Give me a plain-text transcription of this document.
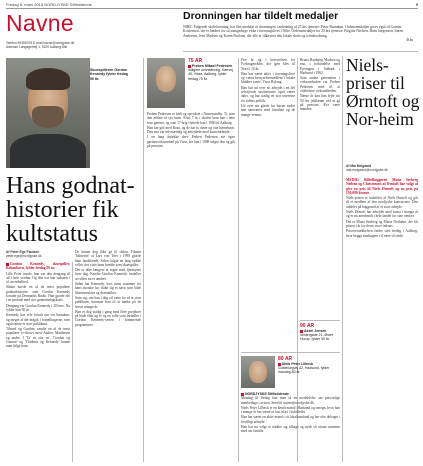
Fredag 6. mars 2018 NORDJYSKE Stiftstidende	9
Navne
Telefon 99355375 E-mail navne@nordjyske.dk
Adresse Langagervej 1, 9220 Aalborg Øst
Dronningen har tildelt medaljer

NIBE: Følgende skoleforening: har fået medalje af dronningen i anledning af 25 års tjeneste: Peter Brøndum. Ordensmedaljen gives også til Gunnar Kristensen, der er hædret for sit mangeårige virke i foreningslivet i Nibe. Ordensmedaljer for 25 års tjeneste: Birgitte Nielsen, Hans Jørgensen, Søren Andersen, Jens Madsen og Karen Poulsen, der alle er tilknyttet den lokale skole og fritidsordning.

/Kbs

Skuespilleren Gordon Kennedy fylder fredag 50 år.
Hans godnat-historier fik kultstatus
Af Peter Ege Paulsen
peter.ege@nordjyske.dk

Gordon Kennedy, skuespiller, København, fylder fredag 50 år.

Lille Peter inside, han var den dengang til alt i hele verden. Og den var han tudsøen i al sin enkelhed.

Sådan havde en af de mest populære godnathistorier, som Gordon Kennedy fortalte på Denmarks Radio. Han gjorde det i en periode med stor gennemslagskraft.

Dengang var Gordon Kennedy i 20'erne. Nu fylder han 50 år.

Kennedy har selv fortalt om sin barndom, og meget af det indgik i fortællingerne, som også ramte et stort publikum.

Tilmed og Gordon, sendte en af de mest populære tv-shows med Anders Matthesen og andre. I 'Ta' en stor en', 'Gordon og Gunnar' og 'Vladimir og Kennedy' kunne man følge ham.

De kunne dog ikke gå til sådan. Filmen 'Idioterne' af Lars von Trier i 1998 gjorde ham landskendt. Siden fulgte en lang række roller, der viste hans bredde som skuespiller.

Det er ikke længere at regne med fjernsynet hver dag. Kendte Gordon Kennedy fortæller at rollen nu er ændret.

Siden har Kennedy, hvis navn stammer fra hans skotske far, skabt sig et navn som både filminstruktør og dramatiker.

Som sig, om han i dag vil være far til et stort publikum, kommer han til at tænke på de første mange år.

Han er dog stadig i gang med flere projekter på både film og tv og en rolle som fortæller i Gordon Kennedy-serien i kommende programmer.

75 ÅR
Preben Mikael Pedersen
tidligere selvstændig, Kærvej 45, Visse, Aalborg, fylder fredag 75 år.

Preben Pedersen er født og opvokset i Nørresundby. Ti, som den ældste af syv børn. Efter 7 år i skolen kom han i lære som gartner, og som 17-årig flyttede han i 1960 til Aalborg.

Han har gift med Rosa, og de har to døtre og otte børnebørn. Den ene var selvstændig og arbejdede med kontorarbejde.

I en lang årrække drev Preben Pedersen sin egen gartnervirksomhed på Visse, før han i 1988 solgte den og gik på pension.

Fire år og i bestyrelsen for Forbrugerrådet, der igen blev til Nord i 10 år.

Han har været aktiv i foreningslivet og været bestyrelsesmedlem i lokale klubber samt i Visse Bylaug.

Han har ud over sit arbejde i en del selvejende institutioner også været aktiv, og har stadig en stor interesse for tidens politik.

Ud over sin glæde for haven nyder han samværet med familien og de mange venner.

Bruna Haubjerg Madsen og ena, i forbindelse med Fjeringen i Sulbæk i Hadsund i 1962.

Som anden generation i virksomheden var Preben Pedersen med til at videreføre virksomheden.

Næste år kan han fejre sin 50 års jubilæum ved at gå på pension. Ære være manden.

80 ÅR
Niels Peter Lilbeck
Gotteborgvej 42, Hadsund, fylder mandag 80 år.
90 ÅR
Aksel Jensen
Vestergade 21, Øster Hurup, fylder 90 år.
NORDJYSKE Stiftstidende

Mandag til fredag kan man få en meddelelse om personlige mærkedage i avisen. Send til navne@nordjyske.dk.

Niels Peter Lilbeck er en kendt mand i Hadsund og omegn, hvor han i mange år har været et fast islæt i bybilledet.

Han har været en aktiv mand i sit lokalsamfund og har ofte deltaget i frivilligt arbejde.

Han har nu valgt at trække sig tilbage og nyde sit otium sammen med sin familie.

Niels-priser til Ørntoft og Nor-heim
Af Mia Melgaard
mia.melgaard@nordjyske.dk

MEDIE: Billedhuggeren Mona Seeberg Nielsen og Christensen af Ørntoft har valgt at give en pris til Niels Ørntoft og en pris på 150.000 kroner.

Niels-prisen er indstiftet af Niels Ørntoft og går til et medlem af den nordjyske kunstscene. Den uddeles på baggrund af et stort arbejde.

Niels Ørntoft har arbejdet med kunst i mange år og er nu anerkendt i hele landet for sine værker.

Det er Mona Seeberg og Maria Norheim, der får prisen i år for deres store indsats.

Prisoverrækkelsen finder sted fredag i Aalborg, hvor begge modtagere vil være til stede.
